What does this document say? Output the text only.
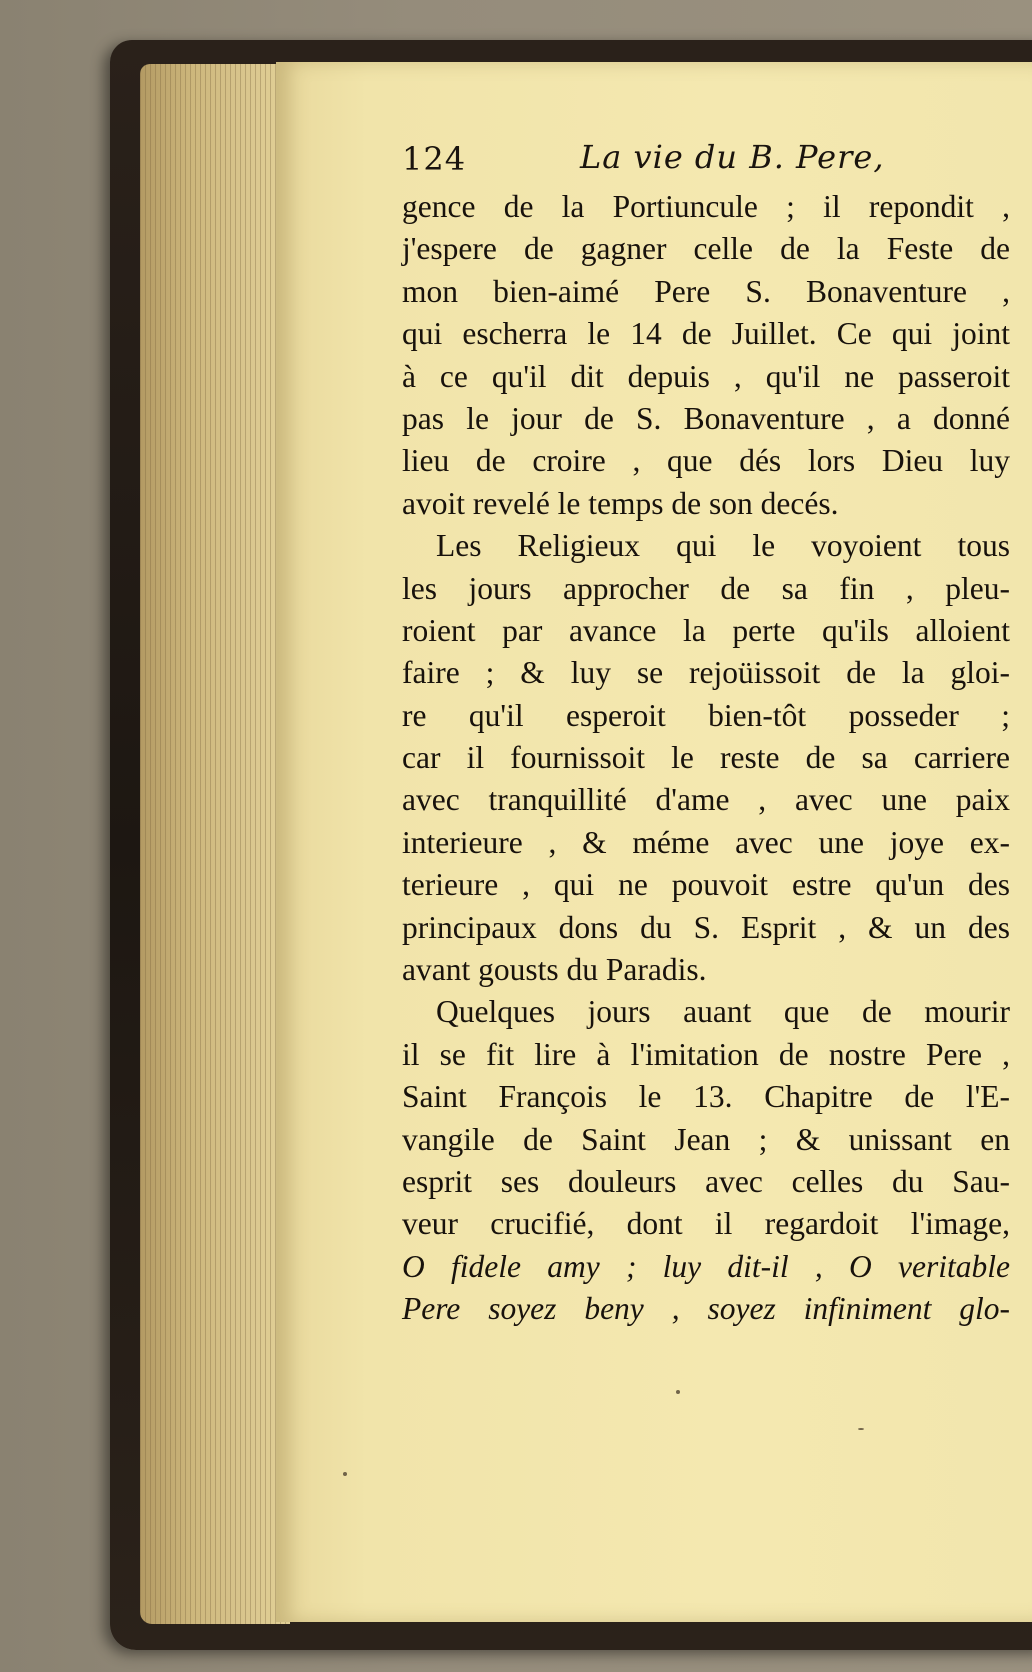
124	La vie du B. Pere,
gence de la Portiuncule ; il repondit ,
j'espere de gagner celle de la Feste de
mon bien-aimé Pere S. Bonaventure ,
qui escherra le 14 de Juillet. Ce qui joint
à ce qu'il dit depuis , qu'il ne passeroit
pas le jour de S. Bonaventure , a donné
lieu de croire , que dés lors Dieu luy
avoit revelé le temps de son decés.
Les Religieux qui le voyoient tous
les jours approcher de sa fin , pleu-
roient par avance la perte qu'ils alloient
faire ; & luy se rejoüissoit de la gloi-
re qu'il esperoit bien-tôt posseder ;
car il fournissoit le reste de sa carriere
avec tranquillité d'ame , avec une paix
interieure , & méme avec une joye ex-
terieure , qui ne pouvoit estre qu'un des
principaux dons du S. Esprit , & un des
avant gousts du Paradis.
Quelques jours auant que de mourir
il se fit lire à l'imitation de nostre Pere ,
Saint François le 13. Chapitre de l'E-
vangile de Saint Jean ; & unissant en
esprit ses douleurs avec celles du Sau-
veur crucifié, dont il regardoit l'image,
O fidele amy ; luy dit-il , O veritable
Pere soyez beny , soyez infiniment glo-
